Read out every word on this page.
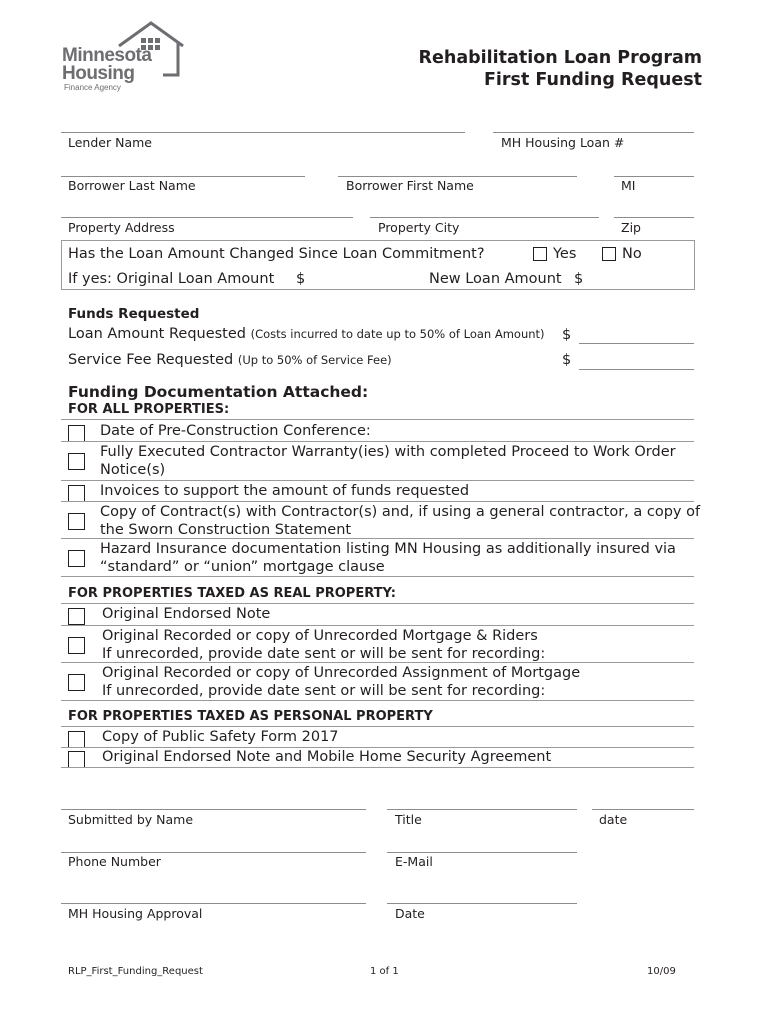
Minnesota
Housing
Finance Agency
Rehabilitation Loan Program
First Funding Request
Lender Name	MH Housing Loan #
Borrower Last Name	Borrower First Name	MI
Property Address	Property City	Zip
Has the Loan Amount Changed Since Loan Commitment?	Yes	No
If yes: Original Loan Amount $	New Loan Amount $
Funds Requested
Loan Amount Requested (Costs incurred to date up to 50% of Loan Amount) $
Service Fee Requested (Up to 50% of Service Fee)	$
Funding Documentation Attached:
FOR ALL PROPERTIES:
Date of Pre-Construction Conference:
Fully Executed Contractor Warranty(ies) with completed Proceed to Work Order
Notice(s)
Invoices to support the amount of funds requested
Copy of Contract(s) with Contractor(s) and, if using a general contractor, a copy of
the Sworn Construction Statement
Hazard Insurance documentation listing MN Housing as additionally insured via
“standard” or “union” mortgage clause
FOR PROPERTIES TAXED AS REAL PROPERTY:
Original Endorsed Note
Original Recorded or copy of Unrecorded Mortgage & Riders
If unrecorded, provide date sent or will be sent for recording:
Original Recorded or copy of Unrecorded Assignment of Mortgage
If unrecorded, provide date sent or will be sent for recording:
FOR PROPERTIES TAXED AS PERSONAL PROPERTY
Copy of Public Safety Form 2017
Original Endorsed Note and Mobile Home Security Agreement
Submitted by Name	Title	date
Phone Number	E-Mail
MH Housing Approval	Date
RLP_First_Funding_Request	1 of 1	10/09
